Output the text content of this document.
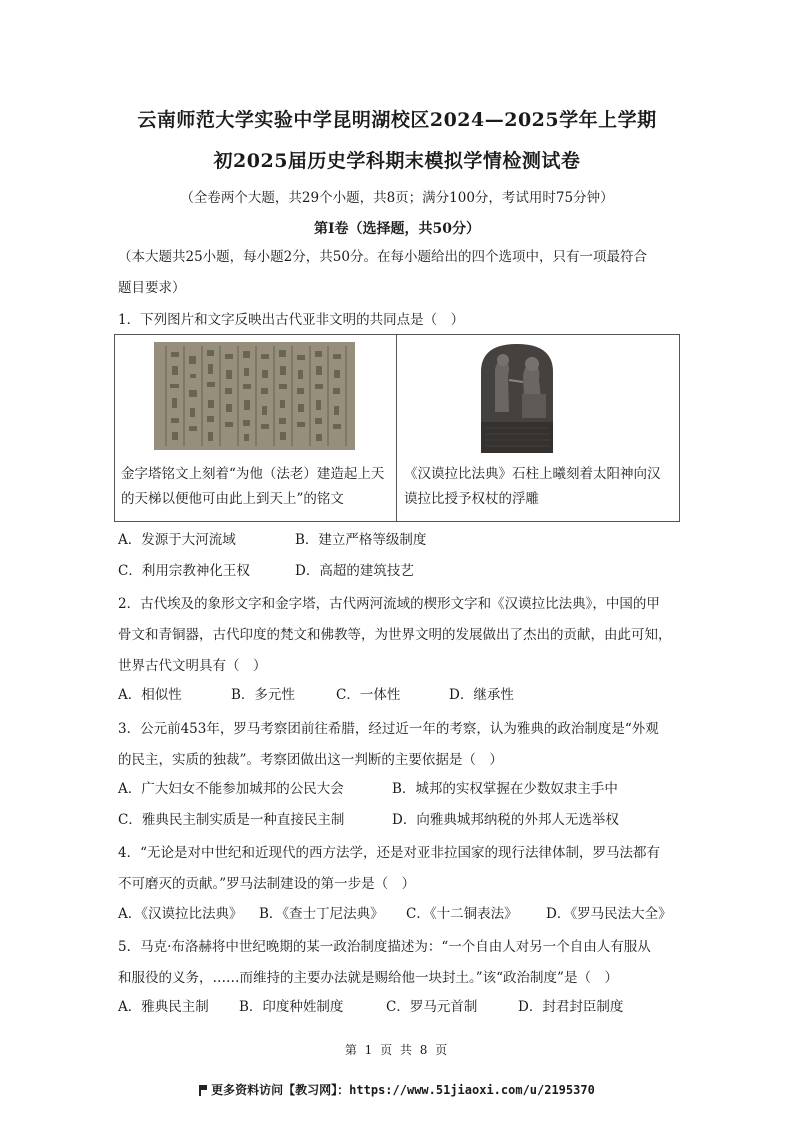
云南师范大学实验中学昆明湖校区2024—2025学年上学期
初2025届历史学科期末模拟学情检测试卷
（全卷两个大题，共29个小题，共8页；满分100分，考试用时75分钟）
第Ⅰ卷（选择题，共50分）
（本大题共25小题，每小题2分，共50分。在每小题给出的四个选项中，只有一项最符合
题目要求）
1．下列图片和文字反映出古代亚非文明的共同点是（　）
金字塔铭文上刻着“为他（法老）建造起上天
的天梯以便他可由此上到天上”的铭文
《汉谟拉比法典》石柱上曦刻着太阳神向汉
谟拉比授予权杖的浮雕
A．发源于大河流域	B．建立严格等级制度
C．利用宗教神化王权	D．高超的建筑技艺
2．古代埃及的象形文字和金字塔，古代两河流域的楔形文字和《汉谟拉比法典》，中国的甲
骨文和青铜器，古代印度的梵文和佛教等，为世界文明的发展做出了杰出的贡献，由此可知，
世界古代文明具有（　）
A．相似性	B．多元性	C．一体性	D．继承性
3．公元前453年，罗马考察团前往希腊，经过近一年的考察，认为雅典的政治制度是“外观
的民主，实质的独裁”。考察团做出这一判断的主要依据是（　）
A．广大妇女不能参加城邦的公民大会	B．城邦的实权掌握在少数奴隶主手中
C．雅典民主制实质是一种直接民主制	D．向雅典城邦纳税的外邦人无选举权
4．“无论是对中世纪和近现代的西方法学，还是对亚非拉国家的现行法律体制，罗马法都有
不可磨灭的贡献。”罗马法制建设的第一步是（　）
A．《汉谟拉比法典》 B．《查士丁尼法典》 C．《十二铜表法》 D．《罗马民法大全》
5．马克·布洛赫将中世纪晚期的某一政治制度描述为：“一个自由人对另一个自由人有服从
和服役的义务，……而维持的主要办法就是赐给他一块封土。”该“政治制度”是（　）
A．雅典民主制 B．印度种姓制度	C．罗马元首制	D．封君封臣制度
第 1 页 共 8 页
更多资料访问【教习网】：https://www.51jiaoxi.com/u/2195370
